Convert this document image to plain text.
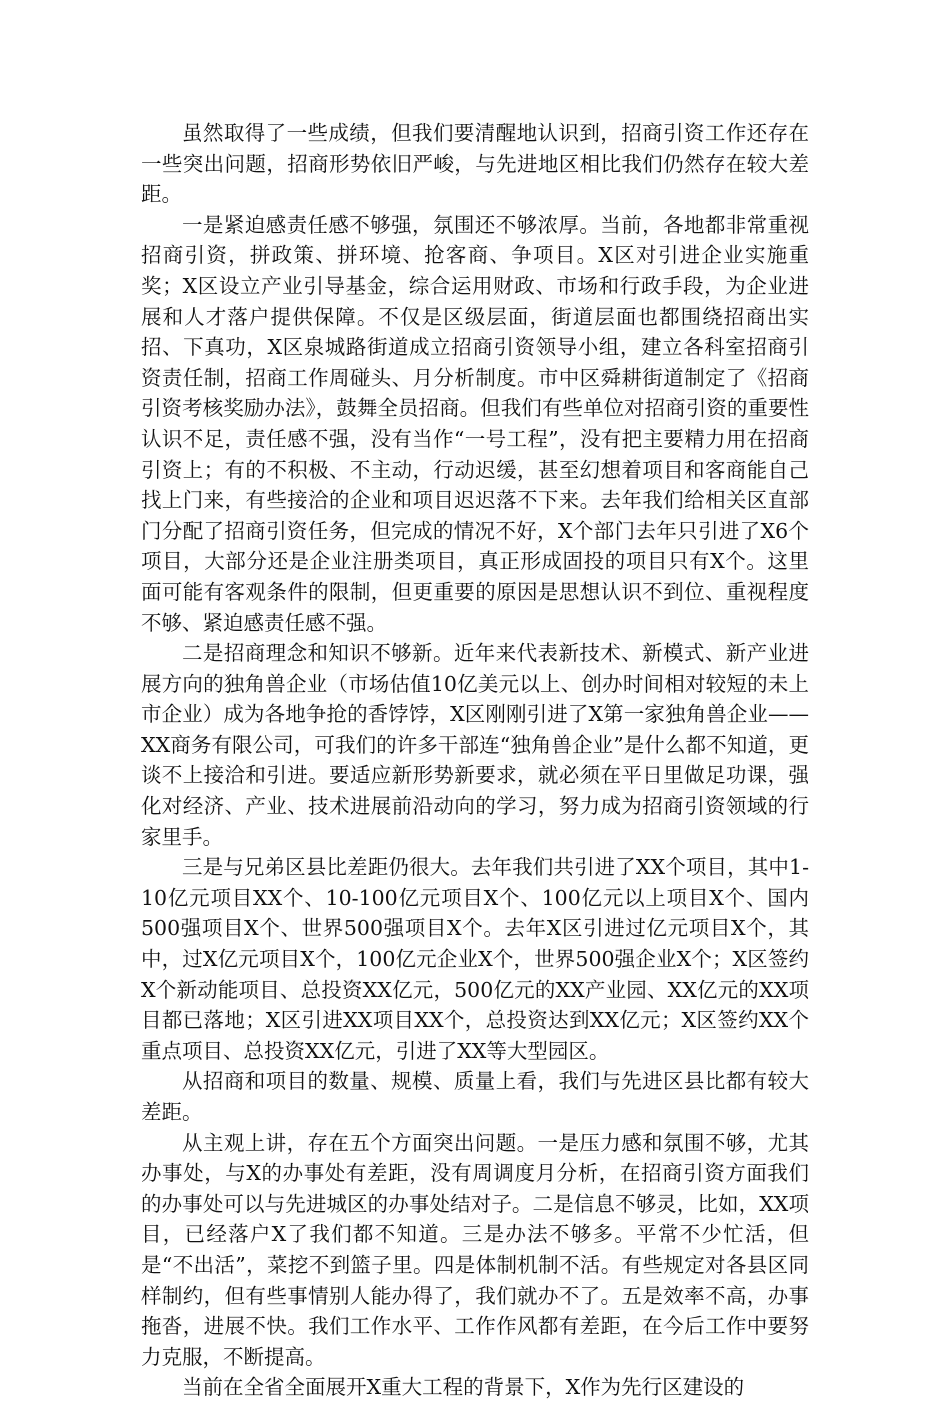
虽然取得了一些成绩，但我们要清醒地认识到，招商引资工作还存在一些突出问题，招商形势依旧严峻，与先进地区相比我们仍然存在较大差距。

一是紧迫感责任感不够强，氛围还不够浓厚。当前，各地都非常重视招商引资，拼政策、拼环境、抢客商、争项目。X区对引进企业实施重奖；X区设立产业引导基金，综合运用财政、市场和行政手段，为企业进展和人才落户提供保障。不仅是区级层面，街道层面也都围绕招商出实招、下真功，X区泉城路街道成立招商引资领导小组，建立各科室招商引资责任制，招商工作周碰头、月分析制度。市中区舜耕街道制定了《招商引资考核奖励办法》，鼓舞全员招商。但我们有些单位对招商引资的重要性认识不足，责任感不强，没有当作“一号工程”，没有把主要精力用在招商引资上；有的不积极、不主动，行动迟缓，甚至幻想着项目和客商能自己找上门来，有些接洽的企业和项目迟迟落不下来。去年我们给相关区直部门分配了招商引资任务，但完成的情况不好，X个部门去年只引进了X6个项目，大部分还是企业注册类项目，真正形成固投的项目只有X个。这里面可能有客观条件的限制，但更重要的原因是思想认识不到位、重视程度不够、紧迫感责任感不强。

二是招商理念和知识不够新。近年来代表新技术、新模式、新产业进展方向的独角兽企业（市场估值10亿美元以上、创办时间相对较短的未上市企业）成为各地争抢的香饽饽，X区刚刚引进了X第一家独角兽企业——XX商务有限公司，可我们的许多干部连“独角兽企业”是什么都不知道，更谈不上接洽和引进。要适应新形势新要求，就必须在平日里做足功课，强化对经济、产业、技术进展前沿动向的学习，努力成为招商引资领域的行家里手。

三是与兄弟区县比差距仍很大。去年我们共引进了XX个项目，其中1-10亿元项目XX个、10-100亿元项目X个、100亿元以上项目X个、国内500强项目X个、世界500强项目X个。去年X区引进过亿元项目X个，其中，过X亿元项目X个，100亿元企业X个，世界500强企业X个；X区签约X个新动能项目、总投资XX亿元，500亿元的XX产业园、XX亿元的XX项目都已落地；X区引进XX项目XX个，总投资达到XX亿元；X区签约XX个重点项目、总投资XX亿元，引进了XX等大型园区。

从招商和项目的数量、规模、质量上看，我们与先进区县比都有较大差距。

从主观上讲，存在五个方面突出问题。一是压力感和氛围不够，尤其办事处，与X的办事处有差距，没有周调度月分析，在招商引资方面我们的办事处可以与先进城区的办事处结对子。二是信息不够灵，比如，XX项目，已经落户X了我们都不知道。三是办法不够多。平常不少忙活，但是“不出活”，菜挖不到篮子里。四是体制机制不活。有些规定对各县区同样制约，但有些事情别人能办得了，我们就办不了。五是效率不高，办事拖沓，进展不快。我们工作水平、工作作风都有差距，在今后工作中要努力克服，不断提高。

当前在全省全面展开X重大工程的背景下，X作为先行区建设的
